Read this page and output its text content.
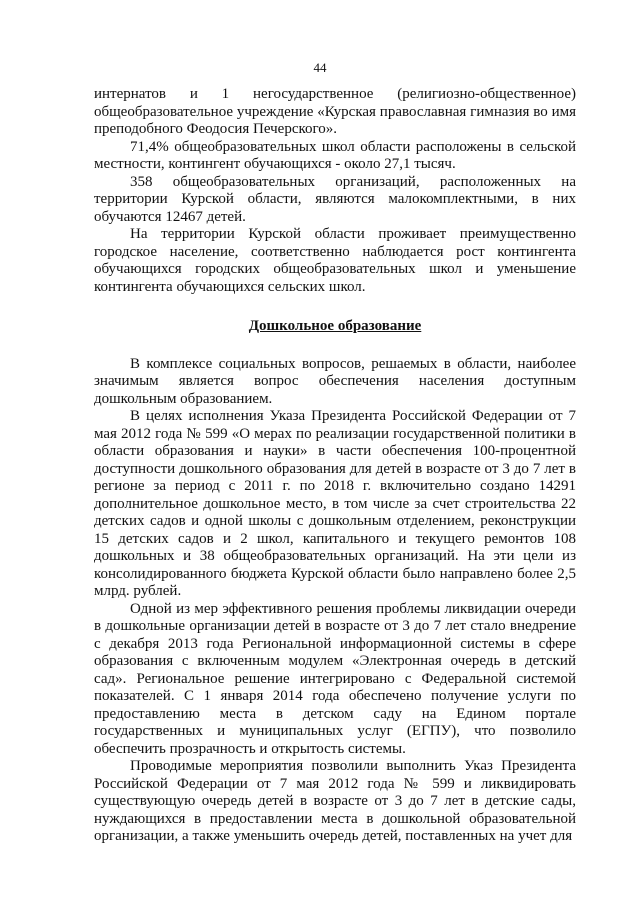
44

интернатов и 1 негосударственное (религиозно-общественное) общеобразовательное учреждение «Курская православная гимназия во имя преподобного Феодосия Печерского».

71,4% общеобразовательных школ области расположены в сельской местности, контингент обучающихся - около 27,1 тысяч.

358 общеобразовательных организаций, расположенных на территории Курской области, являются малокомплектными, в них обучаются 12467 детей.

На территории Курской области проживает преимущественно городское население, соответственно наблюдается рост контингента обучающихся городских общеобразовательных школ и уменьшение контингента обучающихся сельских школ.

Дошкольное образование

В комплексе социальных вопросов, решаемых в области, наиболее значимым является вопрос обеспечения населения доступным дошкольным образованием.

В целях исполнения Указа Президента Российской Федерации от 7 мая 2012 года № 599 «О мерах по реализации государственной политики в области образования и науки» в части обеспечения 100-процентной доступности дошкольного образования для детей в возрасте от 3 до 7 лет в регионе за период с 2011 г. по 2018 г. включительно создано 14291 дополнительное дошкольное место, в том числе за счет строительства 22 детских садов и одной школы с дошкольным отделением, реконструкции 15 детских садов и 2 школ, капитального и текущего ремонтов 108 дошкольных и 38 общеобразовательных организаций. На эти цели из консолидированного бюджета Курской области было направлено более 2,5 млрд. рублей.

Одной из мер эффективного решения проблемы ликвидации очереди в дошкольные организации детей в возрасте от 3 до 7 лет стало внедрение с декабря 2013 года Региональной информационной системы в сфере образования с включенным модулем «Электронная очередь в детский сад». Региональное решение интегрировано с Федеральной системой показателей. С 1 января 2014 года обеспечено получение услуги по предоставлению места в детском саду на Едином портале государственных и муниципальных услуг (ЕГПУ), что позволило обеспечить прозрачность и открытость системы.

Проводимые мероприятия позволили выполнить Указ Президента Российской Федерации от 7 мая 2012 года № 599 и ликвидировать существующую очередь детей в возрасте от 3 до 7 лет в детские сады, нуждающихся в предоставлении места в дошкольной образовательной организации, а также уменьшить очередь детей, поставленных на учет для
